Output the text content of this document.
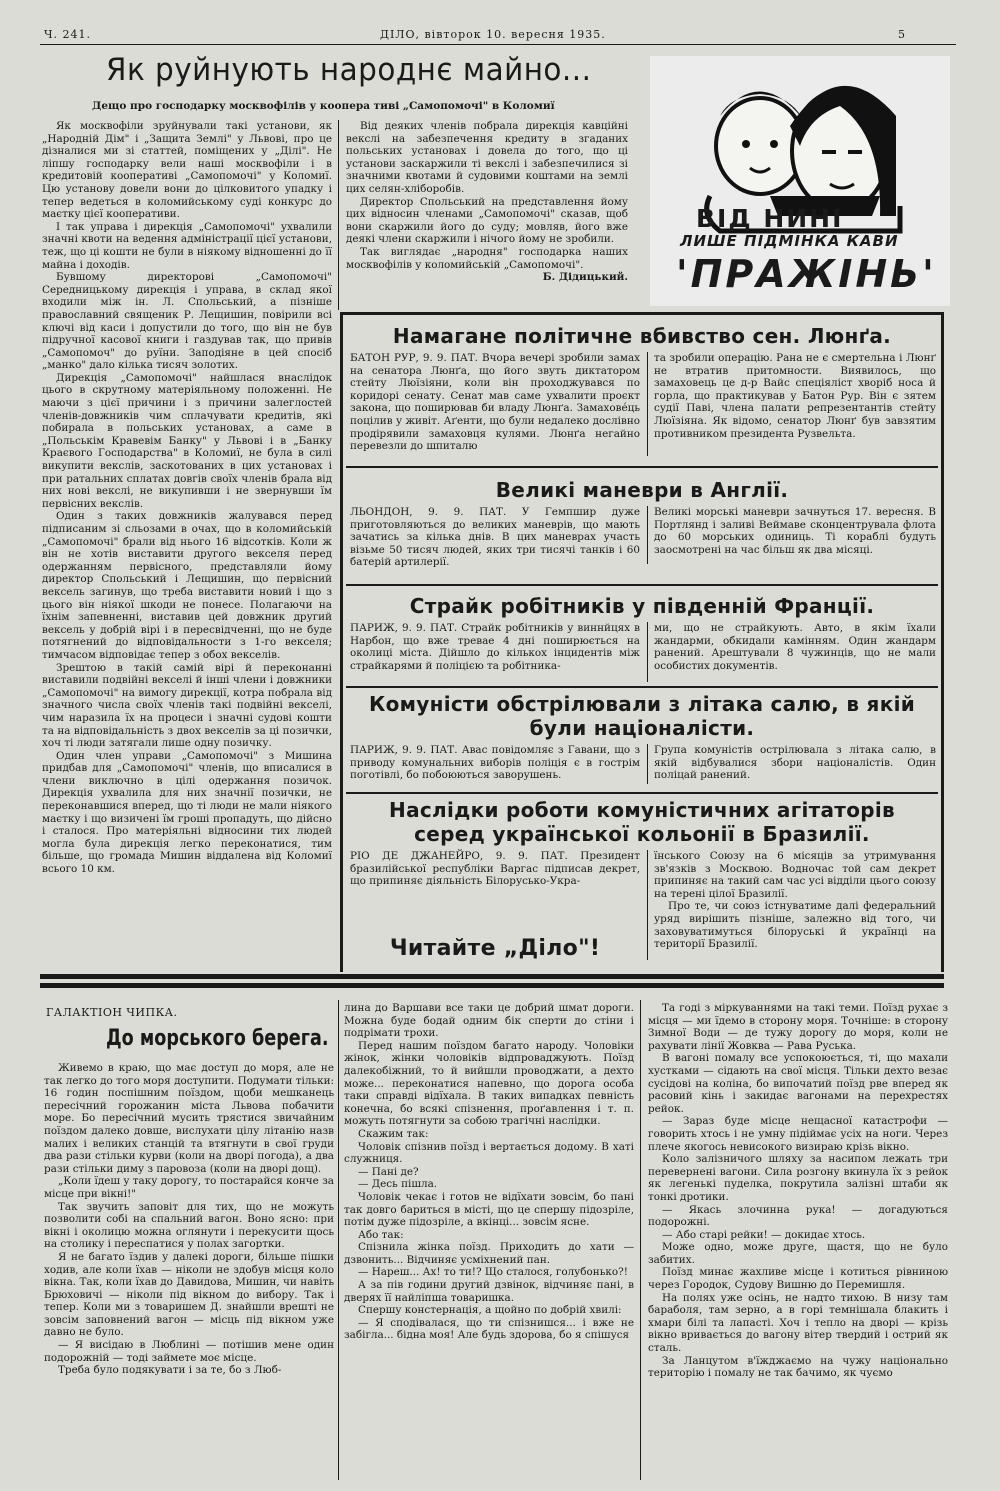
Ч. 241.	ДІЛО, вівторок 10. вересня 1935.	5
Як руйнують народнє майно...
Дещо про господарку москвофілів у коопера тиві „Самопомочі" в Коломиї

Як москвофіли зруйнували такі установи, як „Народній Дім" і „Защита Землі" у Львові, про це дізналися ми зі статтей, поміщених у „Ділі". Не ліпшу господарку вели наші москвофіли і в кредитовій кооперативі „Самопомочі" у Коломиї. Цю установу довели вони до цілковитого упадку і тепер ведеться в коломийському суді конкурс до маєтку цієї кооперативи.

І так управа і дирекція „Самопомочі" ухвалили значні квоти на ведення адміністрації цієї установи, теж, що ці кошти не були в ніякому відношенні до її майна і доходів.

Бувшому директорові „Самопомочі" Середницькому дирекція і управа, в склад якої входили між ін. Л. Спольський, а пізніше православний священик Р. Лещишин, повірили всі ключі від каси і допустили до того, що він не був підручної касової книги і газдував так, що привів „Самопомоч" до руїни. Заподіяне в цей спосіб „манко" дало кілька тисяч золотих.

Дирекція „Самопомочі" найшлася внаслідок цього в скрутному матеріяльному положенні. Не маючи з цієї причини і з причини залеглостей членів-довжників чим сплачувати кредитів, які побирала в польських установах, а саме в „Польськім Кравевім Банку" у Львові і в „Банку Краєвого Господарства" в Коломиї, не була в силі викупити векслів, заскотованих в цих установах і при ратальних сплатах довгів своїх членів брала від них нові векслі, не викупивши і не звернувши їм первісних векслів.

Один з таких довжників жалувався перед підписаним зі сльозами в очах, що в коломийській „Самопомочі" брали від нього 16 відсотків. Коли ж він не хотів виставити другого векселя перед одержанням первісного, представляли йому директор Спольський і Лещишин, що первісний вексель загинув, що треба виставити новий і що з цього він ніякої шкоди не понесе. Полагаючи на їхнім запевненні, виставив цей довжник другий вексель у добрій вірі і в пересвідченні, що не буде потягнений до відповідальности з 1-го векселя; тимчасом відповідає тепер з обох векселів.

Зрештою в такій самій вірі й переконанні виставили подвійні векселі й інші члени і довжники „Самопомочі" на вимогу дирекції, котра побрала від значного числа своїх членів такі подвійні векселі, чим наразила їх на процеси і значні судові кошти та на відповідальність з двох векселів за ці позички, хоч ті люди затягали лише одну позичку.

Один член управи „Самопомочі" з Мишина придбав для „Самопомочі" членів, що вписалися в члени виключно в цілі одержання позичок. Дирекція ухвалила для них значнії позички, не переконавшися вперед, що ті люди не мали ніякого маєтку і що визичені їм гроші пропадуть, що дійсно і сталося. Про матеріяльні відносини тих людей могла була дирекція легко переконатися, тим більше, що громада Мишин віддалена від Коломиї всього 10 км.

Від деяких членів побрала дирекція кавційні векслі на забезпечення кредиту в згаданих польських установах і довела до того, що ці установи заскаржили ті векслі і забезпечилися зі значними квотами й судовими коштами на землі цих селян-хліборобів.

Директор Спольський на представлення йому цих відносин членами „Самопомочі" сказав, щоб вони скаржили його до суду; мовляв, його вже деякі члени скаржили і нічого йому не зробили.

Так виглядає „народня" господарка наших москвофілів у коломийській „Самопомочі".

Б. Дідицький.
ВІД НИНІ
ЛИШЕ ПІДМІНКА КАВИ
'ПРАЖІНЬ'
Намагане політичне вбивство сен. Люнґа.
БАТОН РУР, 9. 9. ПАТ. Вчора вечері зробили замах на сенатора Люнґа, що його звуть диктатором стейту Люїзіяни, коли він проходжувався по коридорі сенату. Сенат мав саме ухвалити проєкт закона, що поширював би владу Люнґа. Замахове́ць поцілив у живіт. Аґенти, що були недалеко дослівно продірявили замаховця кулями. Люнґа негайно перевезли до шпиталю
та зробили операцію. Рана не є смертельна і Люнґ не втратив притомности. Виявилось, що замаховець це д-р Вайс спеціяліст хворіб носа й горла, що практикував у Батон Рур. Він є зятем судії Паві, члена палати репрезентантів стейту Люїзіяна. Як відомо, сенатор Люнґ був завзятим противником президента Рузвельта.
Великі маневри в Англії.
ЛЬОНДОН, 9. 9. ПАТ. У Гемпшир дуже приготовляються до великих маневрів, що мають зачатись за кілька днів. В цих маневрах участь візьме 50 тисяч людей, яких три тисячі танків і 60 батерій артилерії.
Великі морські маневри зачнуться 17. вересня. В Портлянд і заливі Веймаве сконцентрувала флота до 60 морських одиниць. Ті кораблі будуть заосмотрені на час більш як два місяці.
Страйк робітників у південній Франції.
ПАРИЖ, 9. 9. ПАТ. Страйк робітників у виннйцях в Нарбон, що вже тревае 4 дні поширюється на околиці міста. Дійшло до кількох інцидентів між страйкарями й поліцією та робітника-
ми, що не страйкують. Авто, в якім їхали жандарми, обкидали камінням. Один жандарм ранений. Арештували 8 чужинців, що не мали особистих документів.
Комуністи обстрілювали з літака салю, в якій були націоналісти.
ПАРИЖ, 9. 9. ПАТ. Авас повідомляє з Гавани, що з приводу комунальних виборів поліція є в гострім поготівлі, бо побоюються заворушень.
Група комуністів острілювала з літака салю, в якій відбувалися збори націоналістів. Один поліцай ранений.
Наслідки роботи комуністичних агітаторів серед української кольонії в Бразилії.
РІО ДЕ ДЖАНЕЙРО, 9. 9. ПАТ. Президент бразилійської республіки Варгас підписав декрет, що припиняє діяльність Білоруськo-Укра-

їнського Союзу на 6 місяців за утримування зв'язків з Москвою. Водночас той сам декрет припиняє на такий сам час усі відділи цього союзу на терені цілої Бразилії.

Про те, чи союз істнуватиме далі федеральний уряд вирішить пізніше, залежно від того, чи заховуватимуться білоруські й українці на території Бразилії.

Читайте „Діло"!
ГАЛАКТІОН ЧИПКА.
До морського берега.

Живемо в краю, що має доступ до моря, але не так легко до того моря доступити. Подумати тільки: 16 годин поспішним поїздом, щоби мешканець пересічний горожанин міста Львова побачити море. Бо пересічний мусить трястися звичайним поїздом далеко довше, вислухати цілу літанію назв малих і великих станцій та втягнути в свої груди два рази стільки курви (коли на дворі погода), а два рази стільки диму з паровоза (коли на дворі дощ).

„Коли їдеш у таку дорогу, то постарайся конче за місце при вікні!"

Так звучить заповіт для тих, що не можуть позволити собі на спальний вагон. Воно ясно: при вікні і околицю можна оглянути і перекусити щось на столику і переспатися у полах загортки.

Я не багато їздив у далекі дороги, більше пішки ходив, але коли їхав — ніколи не здобув місця коло вікна. Так, коли їхав до Давидова, Мишин, чи навіть Брюховичі — ніколи під вікном до вибору. Так і тепер. Коли ми з товаришем Д. знайшли врешті не зовсім заповнений вагон — місць під вікном уже давно не було.

— Я висідаю в Люблині — потішив мене один подорожній — тоді займете моє місце.

Треба було подякувати і за те, бо з Люб-

лина до Варшави все таки це добрий шмат дороги. Можна буде бодай одним бік сперти до стіни і подрімати трохи.

Перед нашим поїздом багато народу. Чоловіки жінок, жінки чоловіків відпроваджують. Поїзд далекобіжний, то й вийшли проводжати, а дехто може... переконатися напевно, що дорога особа таки справді відїхала. В таких випадках певність конечна, бо всякі спізнення, проґавлення і т. п. можуть потягнути за собою трагічні наслідки.

Скажим так:

Чоловік спізнив поїзд і вертається додому. В хаті служниця.

— Пані де?

— Десь пішла.

Чоловік чекає і готов не відїхати зовсім, бо пані так довго бариться в місті, що це спершу підозріле, потім дуже підозріле, а вкінці... зовсім ясне.

Або так:

Спізнила жінка поїзд. Приходить до хати — дзвонить... Відчиняє усміхнений пан.

— Нареш... Ах! то ти!? Що сталося, голубонько?!

А за пів години другий дзвінок, відчиняє пані, в дверях її найліпша товаришка.

Спершу констернація, а щойно по добрій хвилі:

— Я сподівалася, що ти спізнишся... і вже не забігла... бідна моя! Але будь здорова, бо я спішуся

Та годі з міркуваннями на такі теми. Поїзд рухає з місця — ми їдемо в сторону моря. Точніше: в сторону Зимної Води — де тужу дорогу до моря, коли не рахувати лінії Жовква — Рава Руська.

В вагоні помалу все успокоюється, ті, що махали хустками — сідають на свої місця. Тільки дехто везає сусідові на коліна, бо випочатий поїзд рве вперед як расовий кінь і закидає вагонами на перехрестях рейок.

— Зараз буде місце нещасної катастрофи — говорить хтось і не умну підіймає усіх на ноги. Через плече якогось невисокого визираю крізь вікно.

Коло залізничого шляху за насипом лежать три перевернені вагони. Сила розгону вкинула їх з рейок як легенькі пуделка, покрутила залізні штаби як тонкі дротики.

— Якась злочинна рука! — догадуються подорожні.

— Або старі рейки! — докидає хтось.

Може одно, може друге, щастя, що не було забитих.

Поїзд минає жахливе місце і котиться рівниною через Городок, Судову Вишню до Перемишля.

На полях уже осінь, не надто тихою. В низу там бараболя, там зерно, а в горі темнішала блакить і хмари білі та лапасті. Хоч і тепло на дворі — крізь вікно вривається до вагону вітер твердий і острий як сталь.

За Ланцутом в'їжджаємо на чужу національно територію і помалу не так бачимо, як чуємо
